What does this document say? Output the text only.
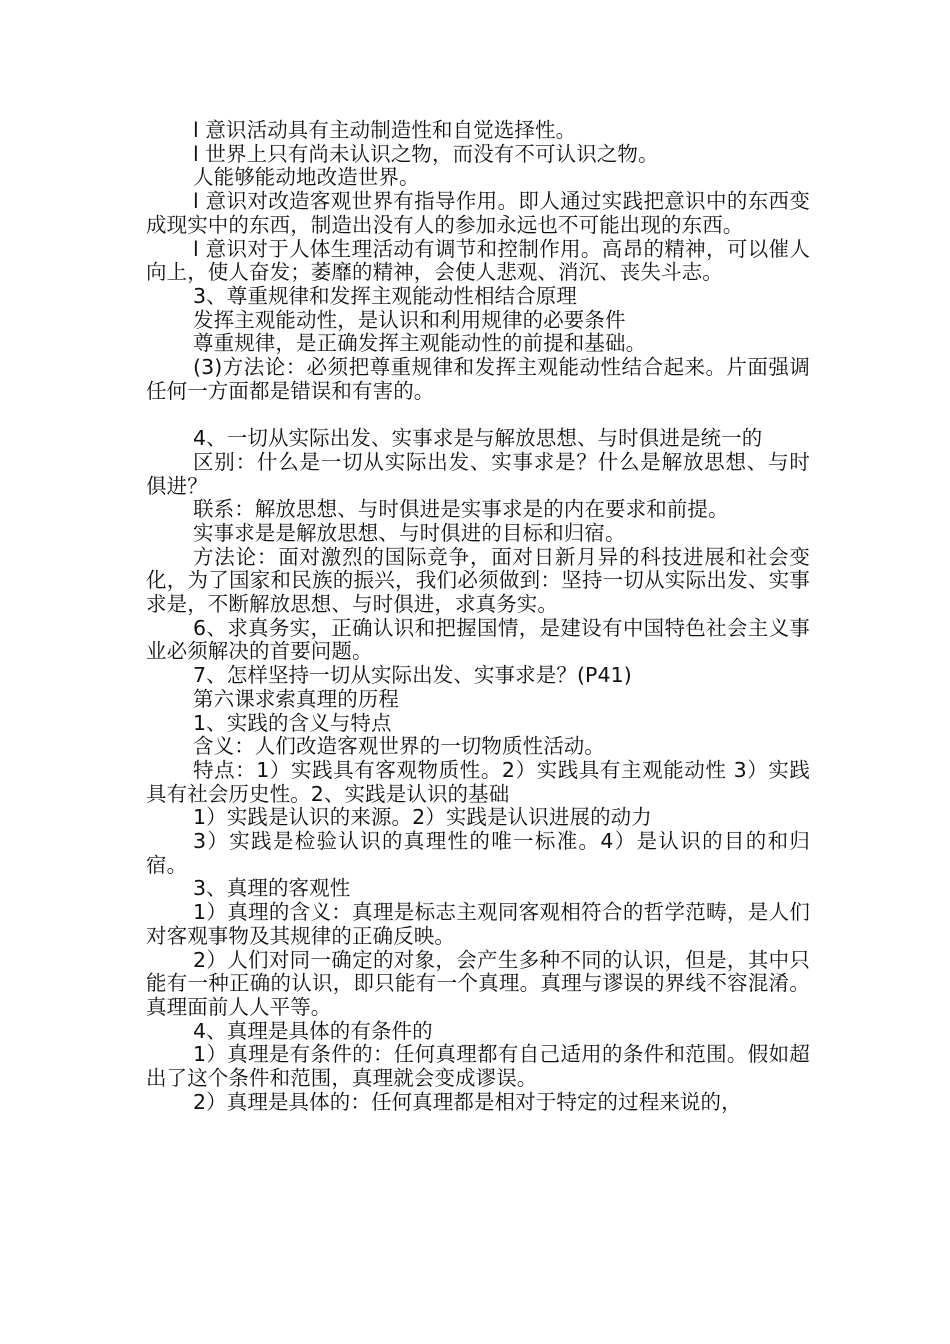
l 意识活动具有主动制造性和自觉选择性。

l 世界上只有尚未认识之物，而没有不可认识之物。

人能够能动地改造世界。

l 意识对改造客观世界有指导作用。即人通过实践把意识中的东西变成现实中的东西，制造出没有人的参加永远也不可能出现的东西。

l 意识对于人体生理活动有调节和控制作用。高昂的精神，可以催人向上，使人奋发；萎靡的精神，会使人悲观、消沉、丧失斗志。

3、尊重规律和发挥主观能动性相结合原理

发挥主观能动性，是认识和利用规律的必要条件

尊重规律，是正确发挥主观能动性的前提和基础。

(3)方法论：必须把尊重规律和发挥主观能动性结合起来。片面强调任何一方面都是错误和有害的。

4、一切从实际出发、实事求是与解放思想、与时俱进是统一的

区别：什么是一切从实际出发、实事求是？什么是解放思想、与时俱进？

联系：解放思想、与时俱进是实事求是的内在要求和前提。

实事求是是解放思想、与时俱进的目标和归宿。

方法论：面对激烈的国际竞争，面对日新月异的科技进展和社会变化，为了国家和民族的振兴，我们必须做到：坚持一切从实际出发、实事求是，不断解放思想、与时俱进，求真务实。

6、求真务实，正确认识和把握国情，是建设有中国特色社会主义事业必须解决的首要问题。

7、怎样坚持一切从实际出发、实事求是？(P41)

第六课求索真理的历程

1、实践的含义与特点

含义：人们改造客观世界的一切物质性活动。

特点：1）实践具有客观物质性。2）实践具有主观能动性 3）实践具有社会历史性。2、实践是认识的基础

1）实践是认识的来源。2）实践是认识进展的动力

3）实践是检验认识的真理性的唯一标准。4）是认识的目的和归宿。

3、真理的客观性

1）真理的含义：真理是标志主观同客观相符合的哲学范畴，是人们对客观事物及其规律的正确反映。

2）人们对同一确定的对象，会产生多种不同的认识，但是，其中只能有一种正确的认识，即只能有一个真理。真理与谬误的界线不容混淆。真理面前人人平等。

4、真理是具体的有条件的

1）真理是有条件的：任何真理都有自己适用的条件和范围。假如超出了这个条件和范围，真理就会变成谬误。

2）真理是具体的：任何真理都是相对于特定的过程来说的，
